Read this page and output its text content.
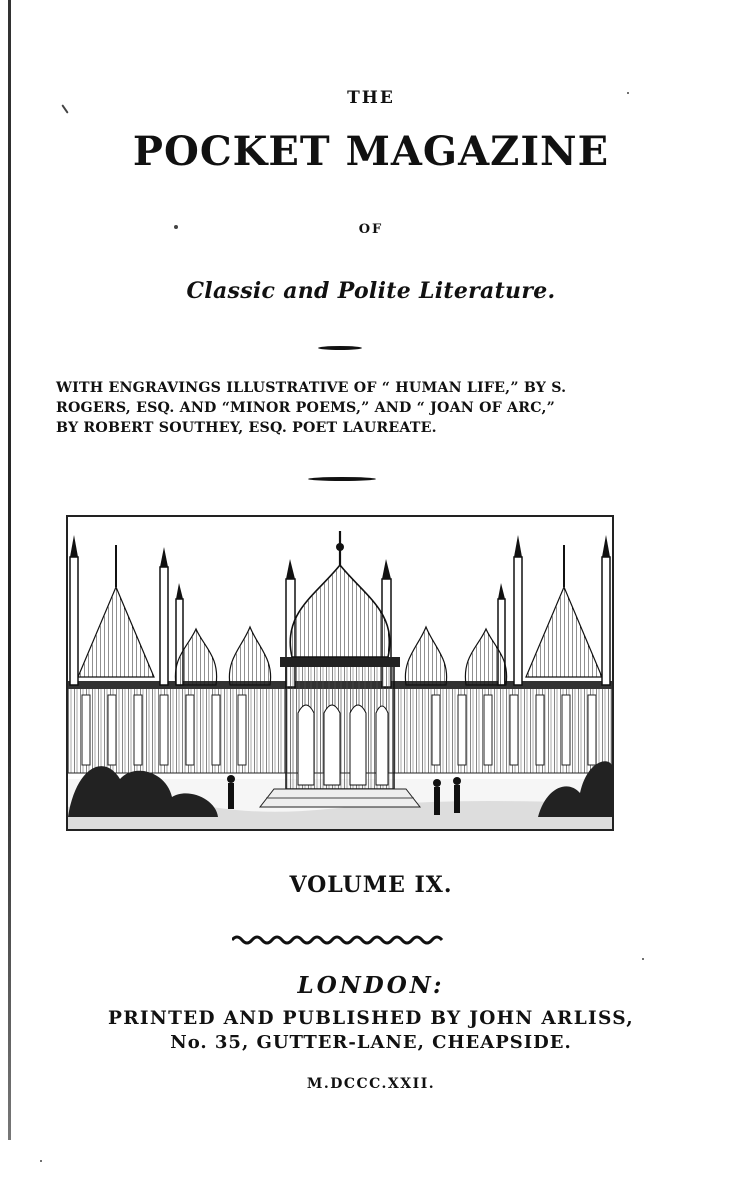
THE
POCKET MAGAZINE
OF
Classic and Polite Literature.
WITH ENGRAVINGS ILLUSTRATIVE OF “ HUMAN LIFE,” BY S.
ROGERS, ESQ. AND “MINOR POEMS,” AND “ JOAN OF ARC,”
BY ROBERT SOUTHEY, ESQ. POET LAUREATE.
VOLUME IX.
LONDON:
PRINTED AND PUBLISHED BY JOHN ARLISS,
No. 35, GUTTER-LANE, CHEAPSIDE.
M.DCCC.XXII.
